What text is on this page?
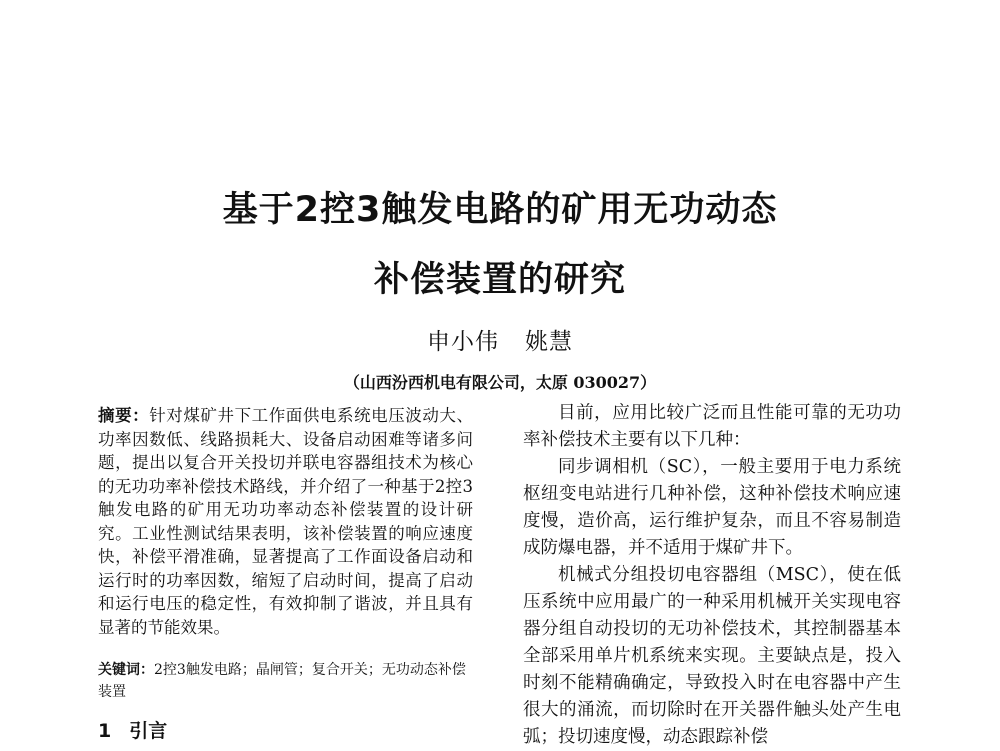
基于2控3触发电路的矿用无功动态
补偿装置的研究
申小伟 姚慧
（山西汾西机电有限公司，太原 030027）
摘要：针对煤矿井下工作面供电系统电压波动大、功率因数低、线路损耗大、设备启动困难等诸多问题，提出以复合开关投切并联电容器组技术为核心的无功功率补偿技术路线，并介绍了一种基于2控3触发电路的矿用无功功率动态补偿装置的设计研究。工业性测试结果表明，该补偿装置的响应速度快，补偿平滑准确，显著提高了工作面设备启动和运行时的功率因数，缩短了启动时间，提高了启动和运行电压的稳定性，有效抑制了谐波，并且具有显著的节能效果。
关键词：2控3触发电路；晶闸管；复合开关；无功动态补偿装置
1 引言

目前，应用比较广泛而且性能可靠的无功功率补偿技术主要有以下几种：

同步调相机（SC），一般主要用于电力系统枢纽变电站进行几种补偿，这种补偿技术响应速度慢，造价高，运行维护复杂，而且不容易制造成防爆电器，并不适用于煤矿井下。

机械式分组投切电容器组（MSC），使在低压系统中应用最广的一种采用机械开关实现电容器分组自动投切的无功补偿技术，其控制器基本全部采用单片机系统来实现。主要缺点是，投入时刻不能精确确定，导致投入时在电容器中产生很大的涌流，而切除时在开关器件触头处产生电弧；投切速度慢，动态跟踪补偿
